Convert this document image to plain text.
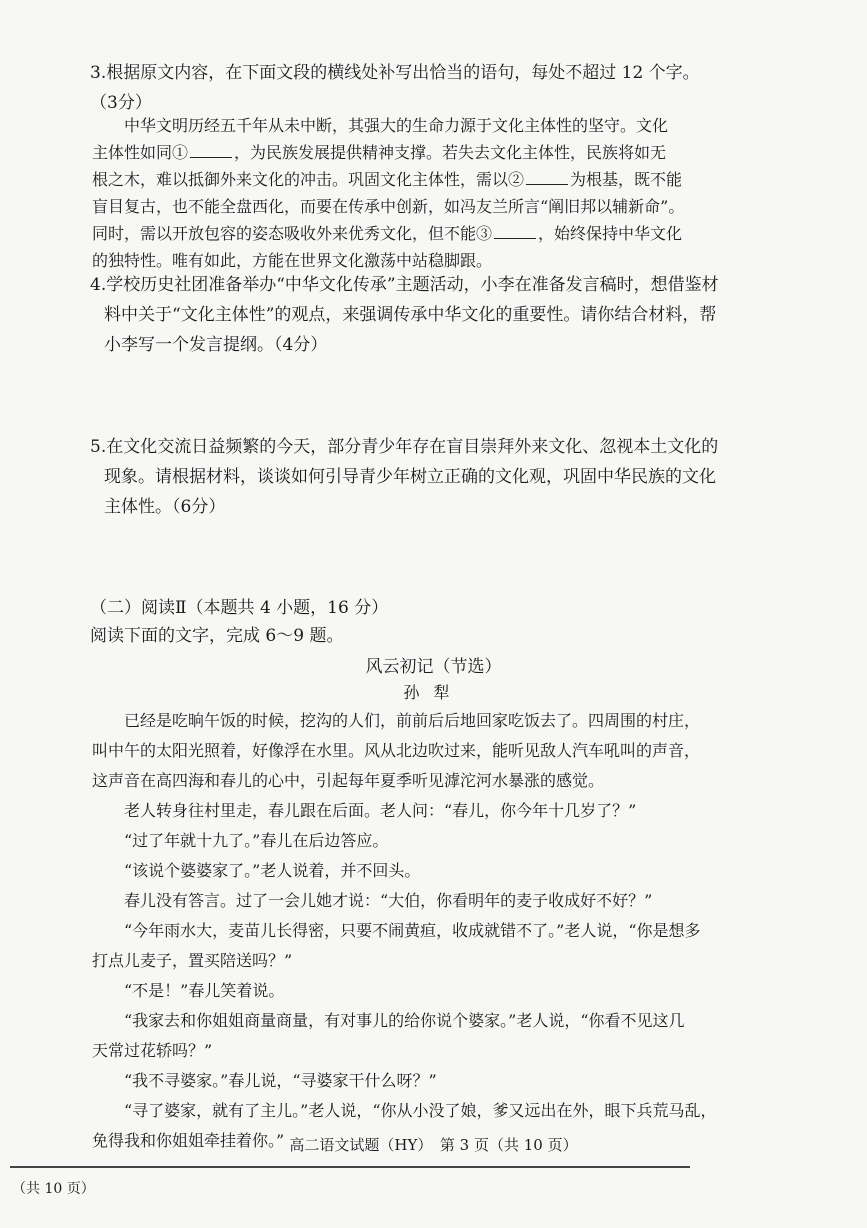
3.根据原文内容，在下面文段的横线处补写出恰当的语句，每处不超过 12 个字。
（3分）
中华文明历经五千年从未中断，其强大的生命力源于文化主体性的坚守。文化
主体性如同①	，为民族发展提供精神支撑。若失去文化主体性，民族将如无
根之木，难以抵御外来文化的冲击。巩固文化主体性，需以②	为根基，既不能
盲目复古，也不能全盘西化，而要在传承中创新，如冯友兰所言“阐旧邦以辅新命”。
同时，需以开放包容的姿态吸收外来优秀文化，但不能③	，始终保持中华文化
的独特性。唯有如此，方能在世界文化激荡中站稳脚跟。
4.学校历史社团准备举办“中华文化传承”主题活动，小李在准备发言稿时，想借鉴材
料中关于“文化主体性”的观点，来强调传承中华文化的重要性。请你结合材料，帮
小李写一个发言提纲。（4分）
5.在文化交流日益频繁的今天，部分青少年存在盲目崇拜外来文化、忽视本土文化的
现象。请根据材料，谈谈如何引导青少年树立正确的文化观，巩固中华民族的文化
主体性。（6分）
（二）阅读Ⅱ（本题共 4 小题，16 分）
阅读下面的文字，完成 6～9 题。
风云初记（节选）
孙犁
已经是吃晌午饭的时候，挖沟的人们，前前后后地回家吃饭去了。四周围的村庄，
叫中午的太阳光照着，好像浮在水里。风从北边吹过来，能听见敌人汽车吼叫的声音，
这声音在高四海和春儿的心中，引起每年夏季听见滹沱河水暴涨的感觉。
老人转身往村里走，春儿跟在后面。老人问：“春儿，你今年十几岁了？”
“过了年就十九了。”春儿在后边答应。
“该说个婆婆家了。”老人说着，并不回头。
春儿没有答言。过了一会儿她才说：“大伯，你看明年的麦子收成好不好？”
“今年雨水大，麦苗儿长得密，只要不闹黄疸，收成就错不了。”老人说，“你是想多
打点儿麦子，置买陪送吗？”
“不是！”春儿笑着说。
“我家去和你姐姐商量商量，有对事儿的给你说个婆家。”老人说，“你看不见这几
天常过花轿吗？”
“我不寻婆家。”春儿说，“寻婆家干什么呀？”
“寻了婆家，就有了主儿。”老人说，“你从小没了娘，爹又远出在外，眼下兵荒马乱，
免得我和你姐姐牵挂着你。” 高二语文试题（HY）　第 3 页（共 10 页）
（共 10 页）
